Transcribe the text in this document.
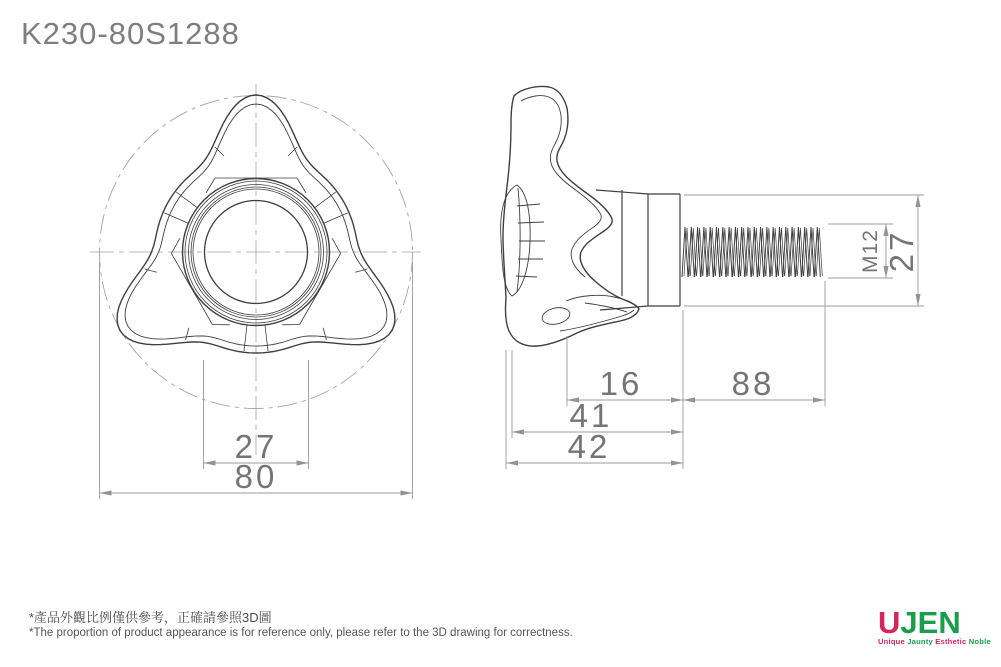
K230-80S1288
27
80
M12 27
16	88
41
42
*產品外觀比例僅供參考，正確請參照3D圖
*The proportion of product appearance is for reference only, please refer to the 3D drawing for correctness.	UJEN
Unique Jaunty Esthetic Noble
